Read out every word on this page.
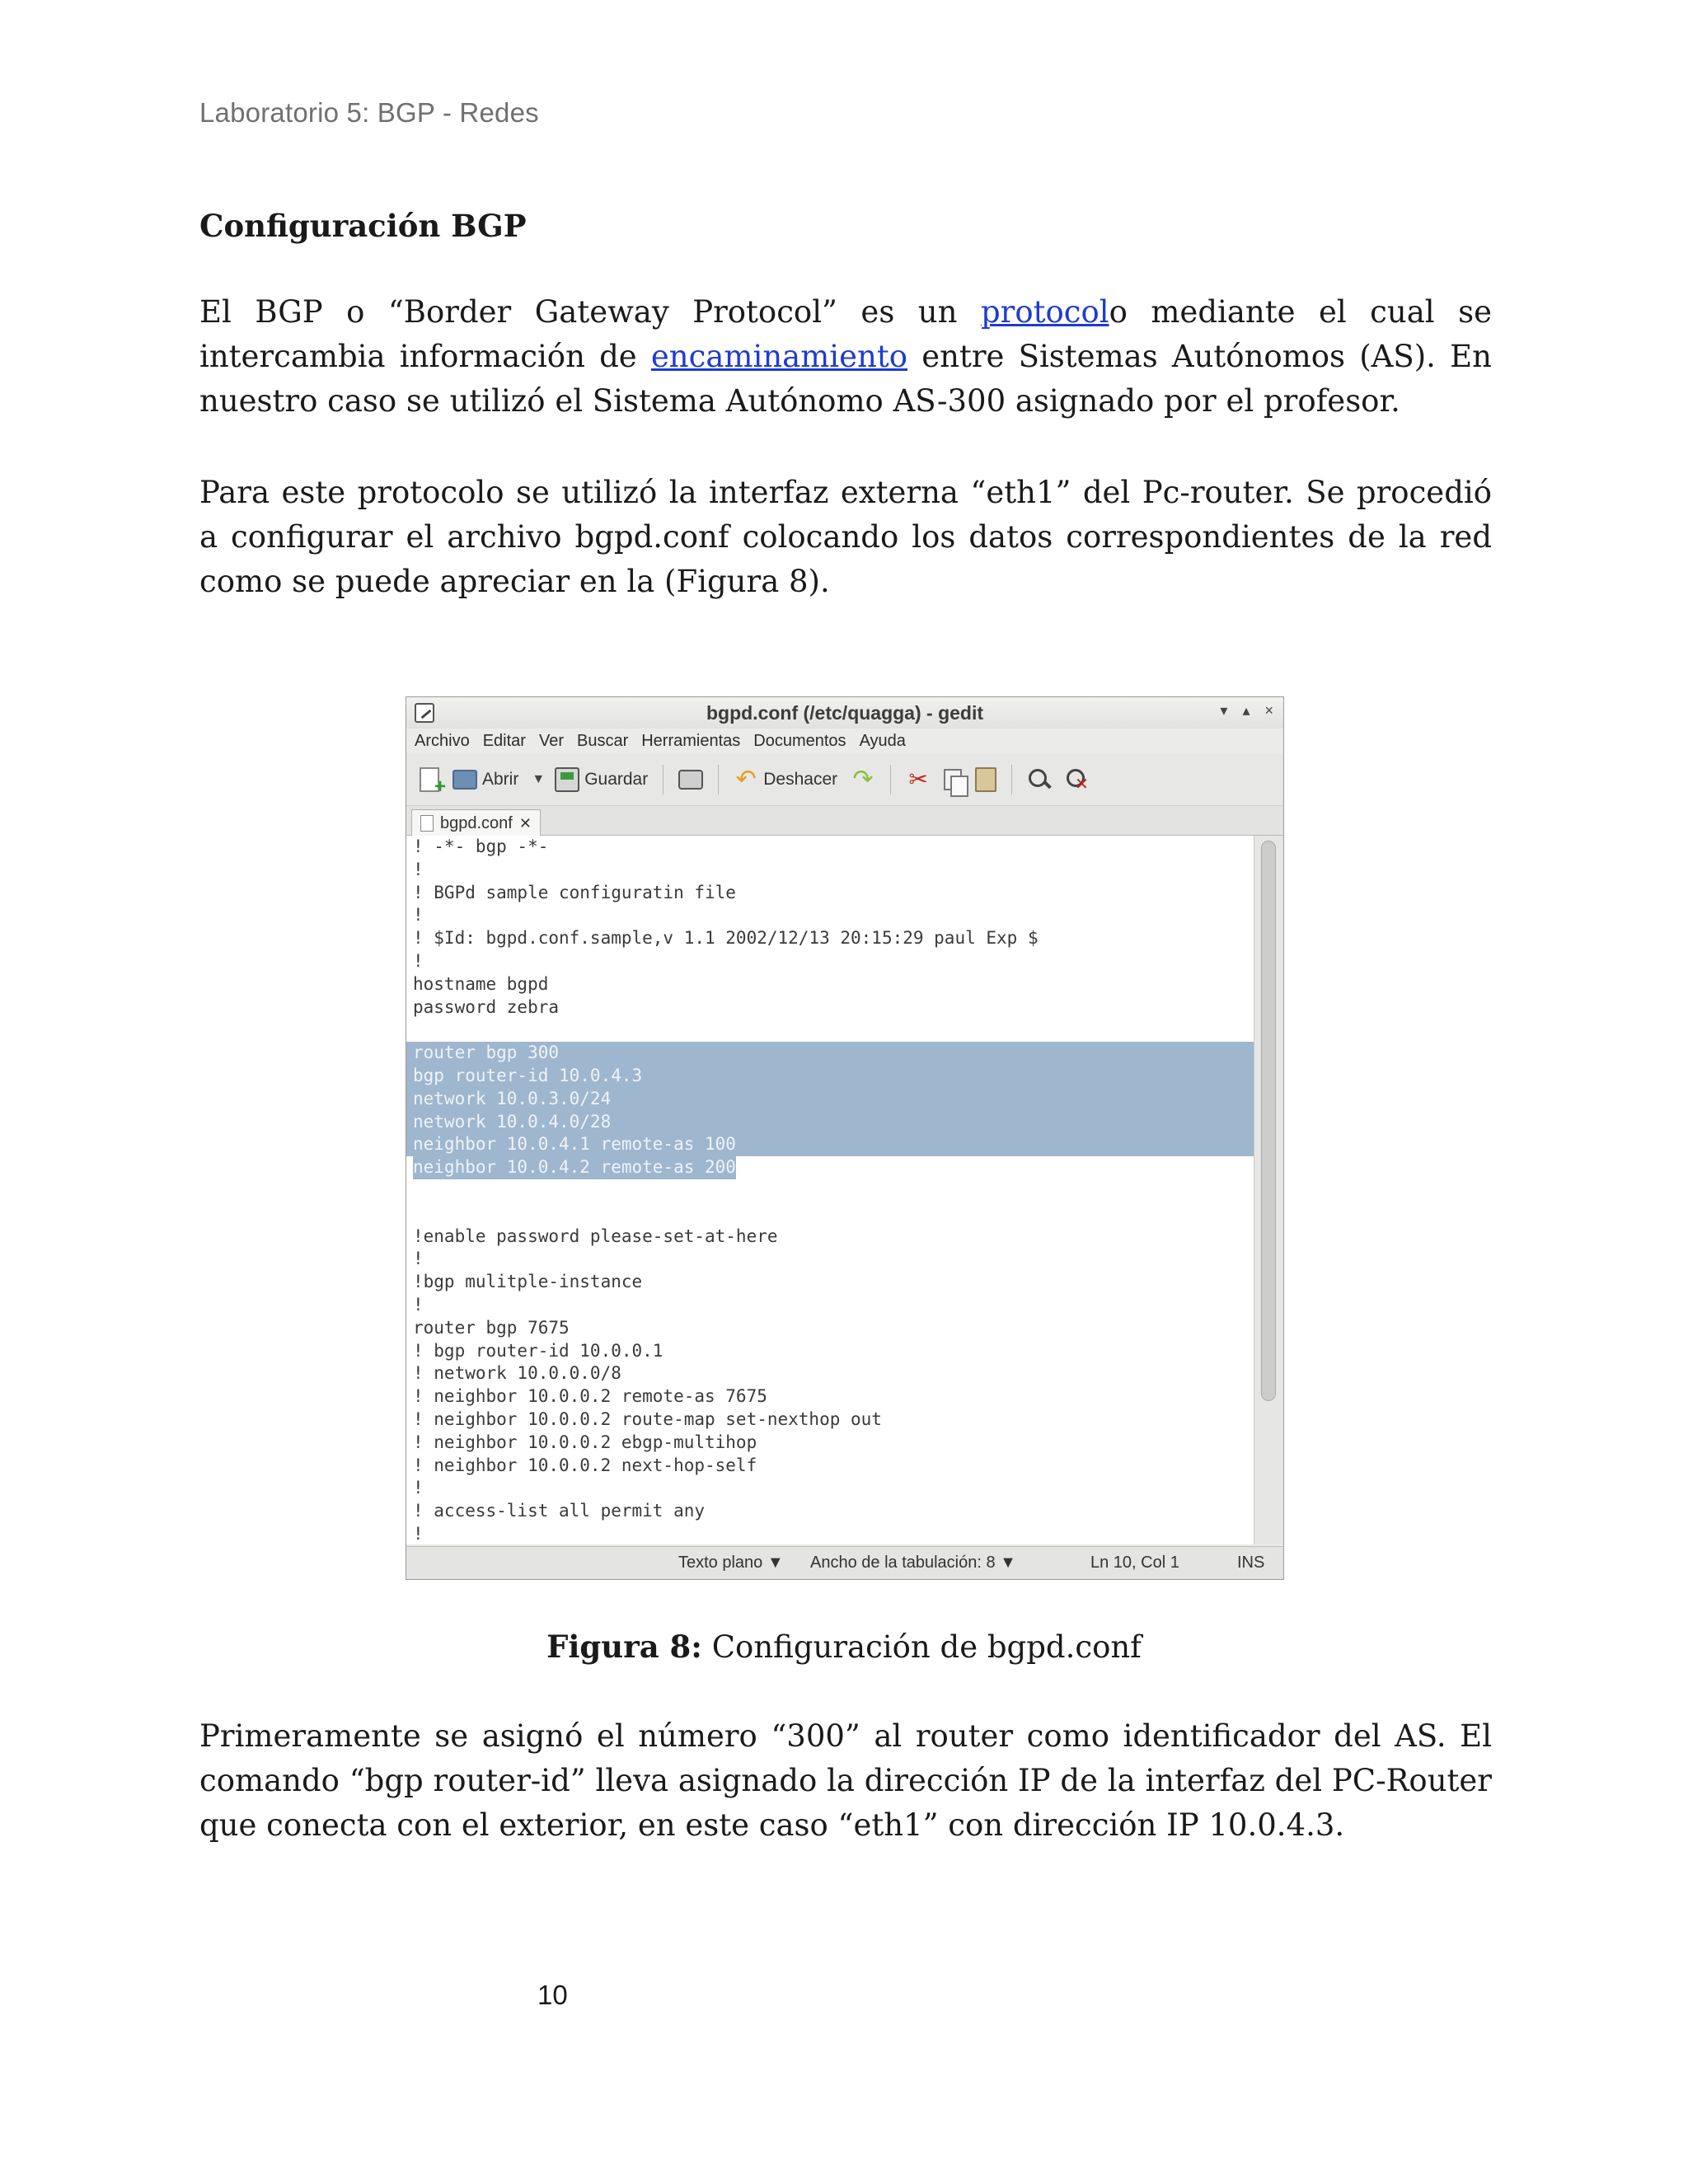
Laboratorio 5: BGP - Redes
Configuración BGP

El BGP o “Border Gateway Protocol” es un protocolo mediante el cual se intercambia información de encaminamiento entre Sistemas Autónomos (AS). En nuestro caso se utilizó el Sistema Autónomo AS-300 asignado por el profesor.

Para este protocolo se utilizó la interfaz externa “eth1” del Pc-router. Se procedió a configurar el archivo bgpd.conf colocando los datos correspondientes de la red como se puede apreciar en la (Figura 8).

bgpd.conf (/etc/quagga) - gedit	▾ ▴ ×
Archivo Editar Ver Buscar Herramientas Documentos Ayuda
+
Abrir ▼ Guardar	↶ Deshacer ↷ ✂
✕
bgpd.conf ✕
! -*- bgp -*-
!
! BGPd sample configuratin file
!
! $Id: bgpd.conf.sample,v 1.1 2002/12/13 20:15:29 paul Exp $
!
hostname bgpd
password zebra
router bgp 300
bgp router-id 10.0.4.3
network 10.0.3.0/24
network 10.0.4.0/28
neighbor 10.0.4.1 remote-as 100
neighbor 10.0.4.2 remote-as 200
!enable password please-set-at-here
!
!bgp mulitple-instance
!
router bgp 7675
! bgp router-id 10.0.0.1
! network 10.0.0.0/8
! neighbor 10.0.0.2 remote-as 7675
! neighbor 10.0.0.2 route-map set-nexthop out
! neighbor 10.0.0.2 ebgp-multihop
! neighbor 10.0.0.2 next-hop-self
!
! access-list all permit any
!
Texto plano ▼ Ancho de la tabulación: 8 ▼	Ln 10, Col 1	INS
Figura 8: Configuración de bgpd.conf

Primeramente se asignó el número “300” al router como identificador del AS. El comando “bgp router-id” lleva asignado la dirección IP de la interfaz del PC-Router que conecta con el exterior, en este caso “eth1” con dirección IP 10.0.4.3.

10
